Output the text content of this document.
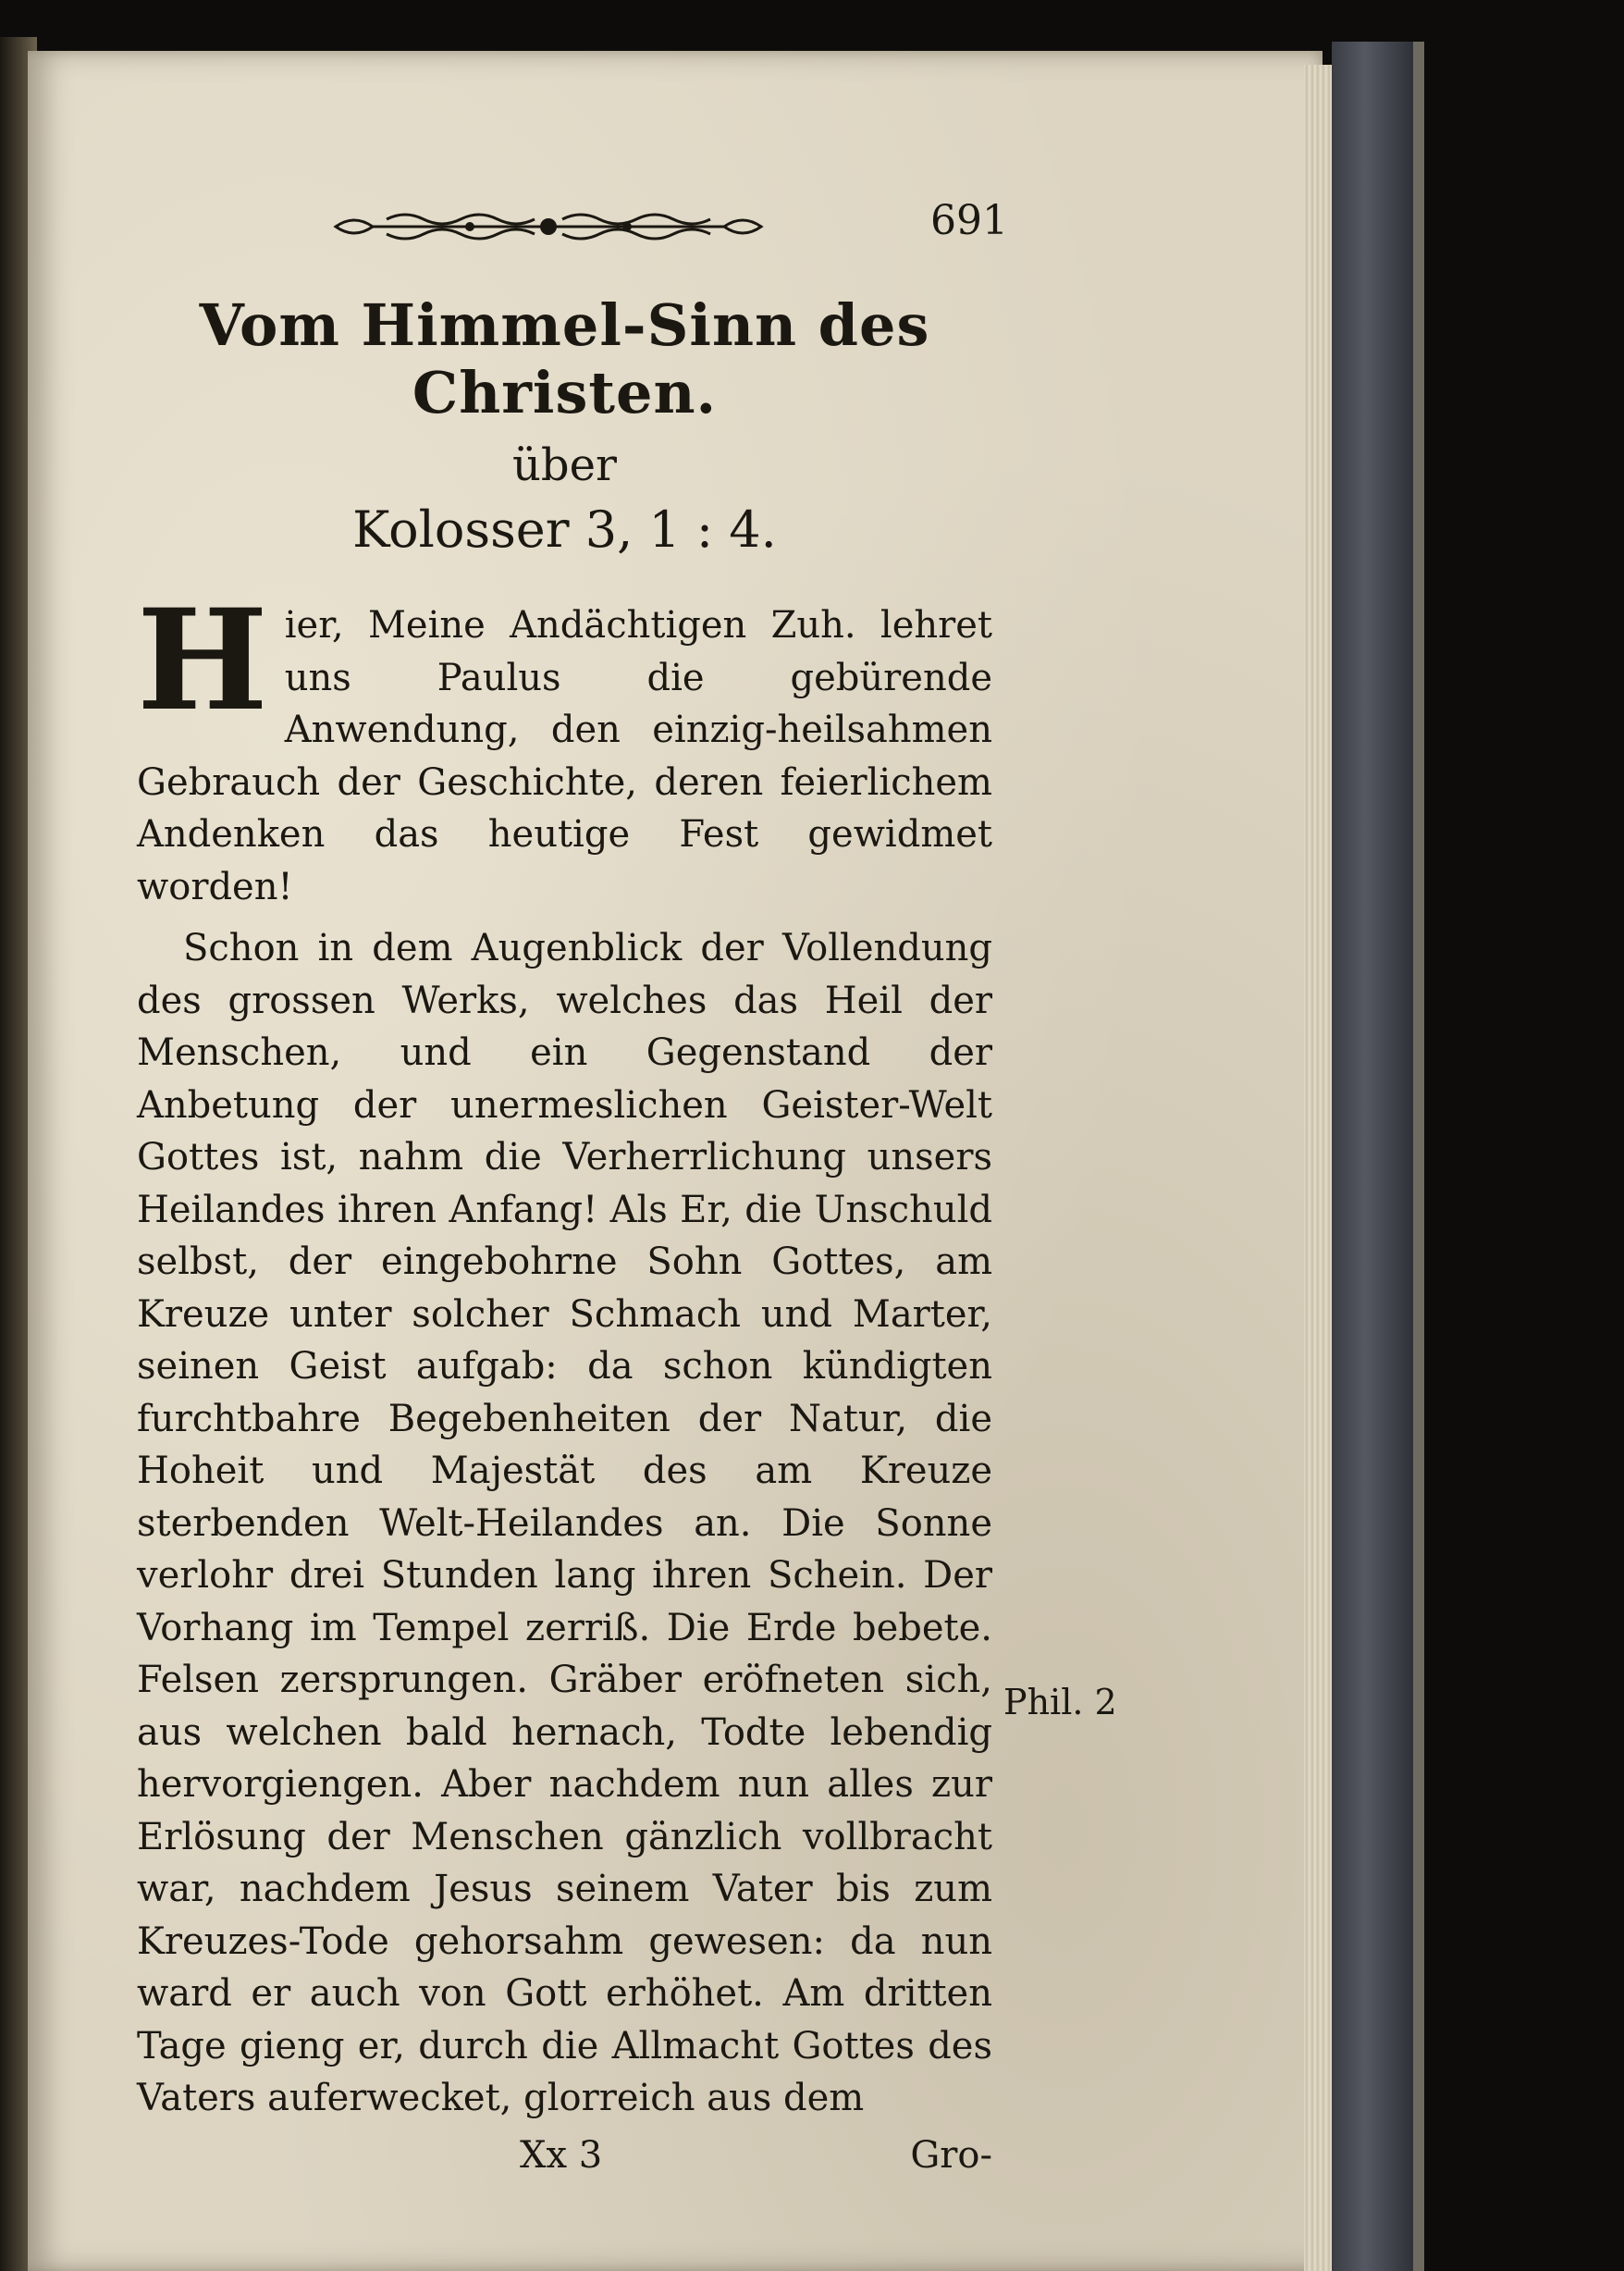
691
Vom Himmel-Sinn des Christen.
über
Kolosser 3, 1 : 4.

Hier, Meine Andächtigen Zuh. lehret uns Paulus die gebürende Anwendung, den einzig-heilsahmen Gebrauch der Geschichte, deren feierlichem Andenken das heutige Fest gewidmet worden!

Schon in dem Augenblick der Vollendung des grossen Werks, welches das Heil der Menschen, und ein Gegenstand der Anbetung der unermeslichen Geister-Welt Gottes ist, nahm die Verherrlichung unsers Heilandes ihren Anfang! Als Er, die Unschuld selbst, der eingebohrne Sohn Gottes, am Kreuze unter solcher Schmach und Marter, seinen Geist aufgab: da schon kündigten furchtbahre Begebenheiten der Natur, die Hoheit und Majestät des am Kreuze sterbenden Welt-Heilandes an. Die Sonne verlohr drei Stunden lang ihren Schein. Der Vorhang im Tempel zerriß. Die Erde bebete. Felsen zersprungen. Gräber eröfneten sich, aus welchen bald hernach, Todte lebendig hervorgiengen. Aber nachdem nun alles zur Erlösung der Menschen gänzlich vollbracht war, nachdem Jesus seinem Vater bis zum Kreuzes-Tode gehorsahm gewesen: da nun ward er auch von Gott erhöhet. Am dritten Tage gieng er, durch die Allmacht Gottes des Vaters auferwecket, glorreich aus dem

Xx 3	Gro-
Phil. 2
